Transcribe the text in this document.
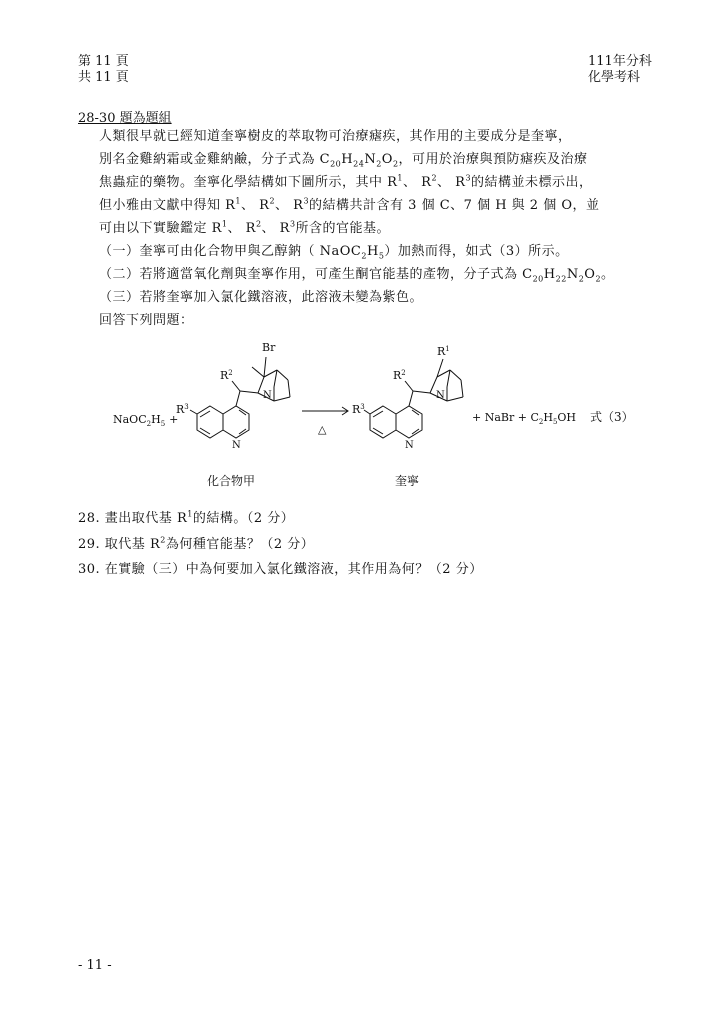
第 11 頁
共 11 頁
111年分科
化學考科
28-30 題為題組

人類很早就已經知道奎寧樹皮的萃取物可治療瘧疾，其作用的主要成分是奎寧，

別名金雞納霜或金雞納鹼，分子式為 $C_{20}H_{24}N_2O_2$，可用於治療與預防瘧疾及治療

焦蟲症的藥物。奎寧化學結構如下圖所示，其中 $R^1$、 $R^2$、 $R^3$的結構並未標示出，

但小雅由文獻中得知 $R^1$、 $R^2$、 $R^3$的結構共計含有 3 個 C、7 個 H 與 2 個 O，並

可由以下實驗鑑定 $R^1$、 $R^2$、 $R^3$所含的官能基。

（一）奎寧可由化合物甲與乙醇鈉（ $NaOC_2H_5$）加熱而得，如式（3）所示。

（二）若將適當氧化劑與奎寧作用，可產生酮官能基的產物，分子式為 $C_{20}H_{22}N_2O_2$。

（三）若將奎寧加入氯化鐵溶液，此溶液未變為紫色。

回答下列問題：

Br
$R^2$
N
N
$R^3$
$NaOC_2H_5$ +
△
$R^1$
$R^2$
N
N
$R^3$
+ NaBr + $C_2H_5OH$ 式（3）
化合物甲	奎寧
28. 畫出取代基 $R^1$的結構。（2 分）
29. 取代基 $R^2$為何種官能基？（2 分）
30. 在實驗（三）中為何要加入氯化鐵溶液，其作用為何？（2 分）
- 11 -
